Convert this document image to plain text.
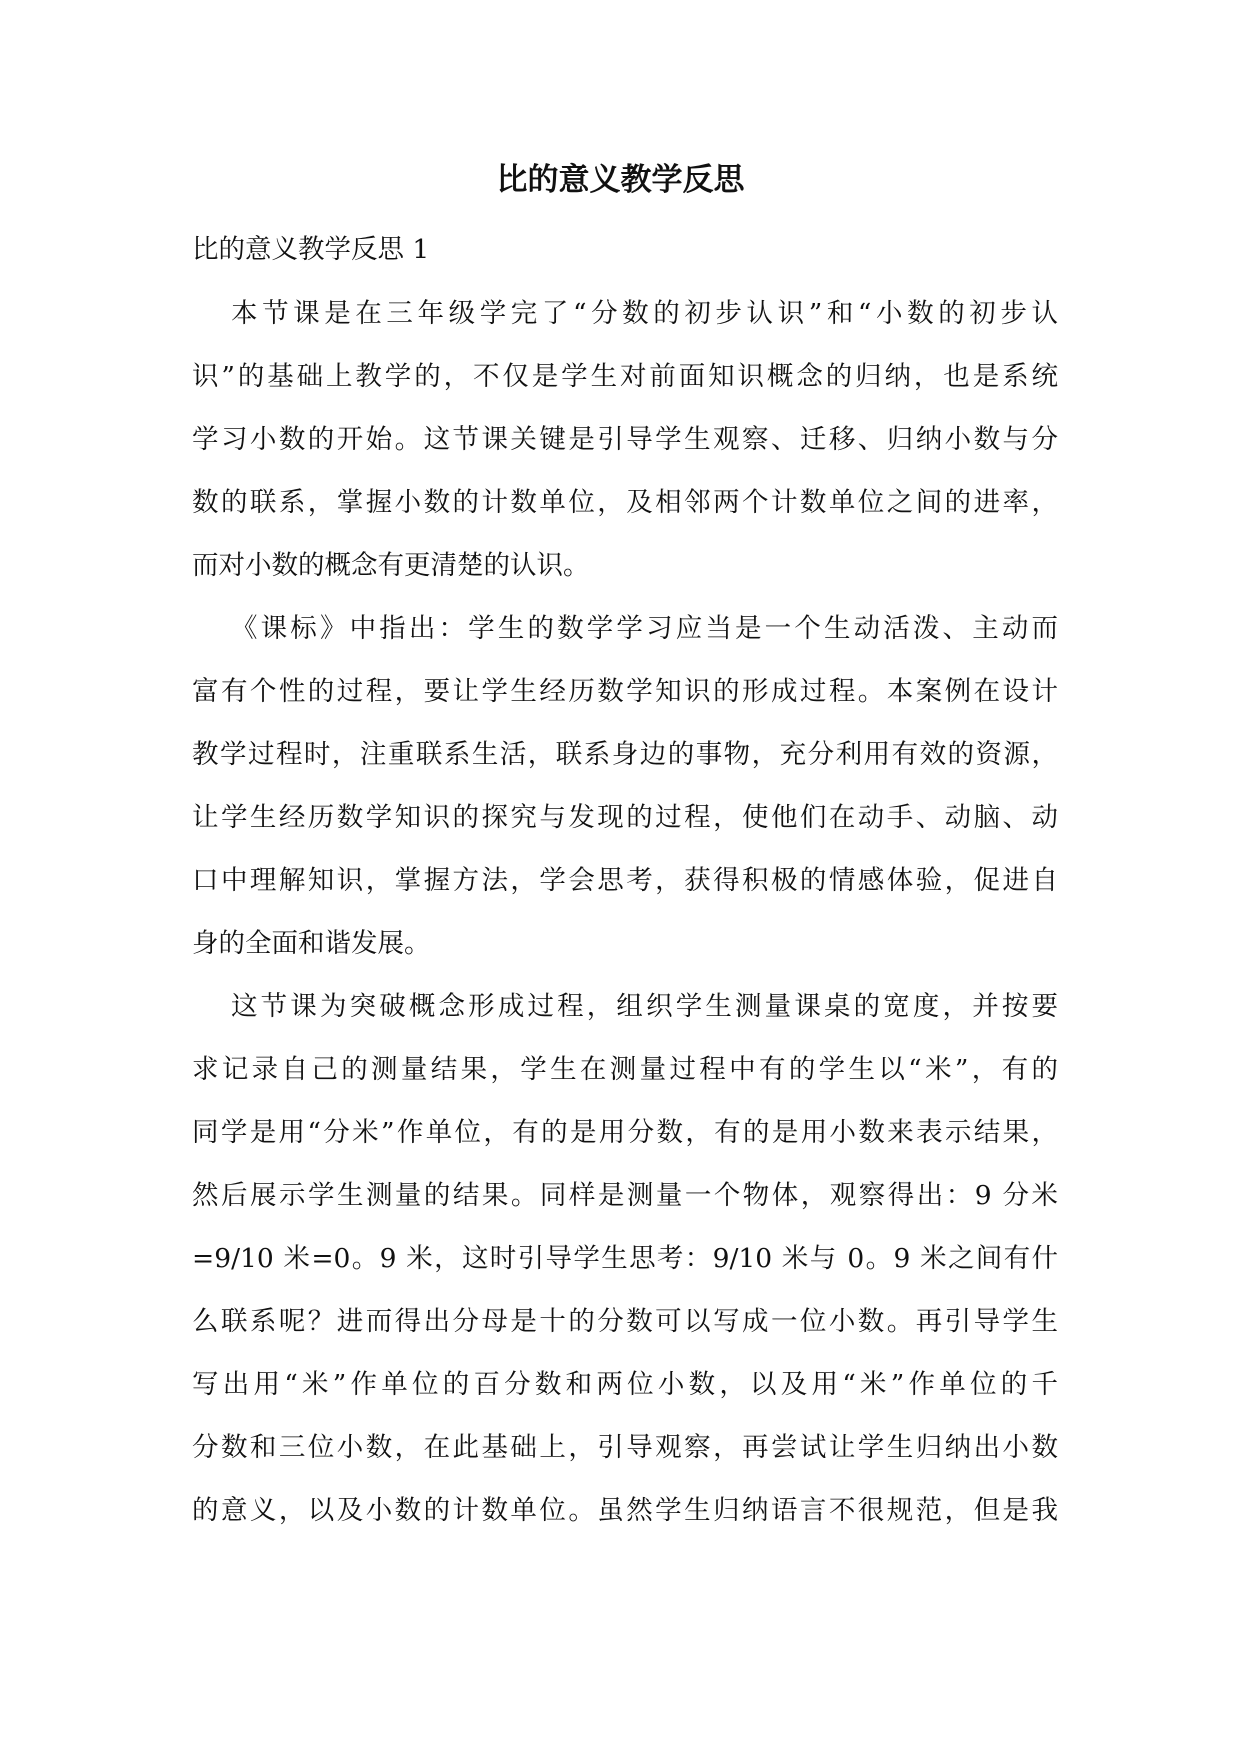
比的意义教学反思
比的意义教学反思 1
本节课是在三年级学完了“分数的初步认识”和“小数的初步认
识”的基础上教学的，不仅是学生对前面知识概念的归纳，也是系统
学习小数的开始。这节课关键是引导学生观察、迁移、归纳小数与分
数的联系，掌握小数的计数单位，及相邻两个计数单位之间的进率，
而对小数的概念有更清楚的认识。
《课标》中指出：学生的数学学习应当是一个生动活泼、主动而
富有个性的过程，要让学生经历数学知识的形成过程。本案例在设计
教学过程时，注重联系生活，联系身边的事物，充分利用有效的资源，
让学生经历数学知识的探究与发现的过程，使他们在动手、动脑、动
口中理解知识，掌握方法，学会思考，获得积极的情感体验，促进自
身的全面和谐发展。
这节课为突破概念形成过程，组织学生测量课桌的宽度，并按要
求记录自己的测量结果，学生在测量过程中有的学生以“米”，有的
同学是用“分米”作单位，有的是用分数，有的是用小数来表示结果，
然后展示学生测量的结果。同样是测量一个物体，观察得出：9 分米
=9/10 米=0。9 米，这时引导学生思考：9/10 米与 0。9 米之间有什
么联系呢？进而得出分母是十的分数可以写成一位小数。再引导学生
写出用“米”作单位的百分数和两位小数，以及用“米”作单位的千
分数和三位小数，在此基础上，引导观察，再尝试让学生归纳出小数
的意义，以及小数的计数单位。虽然学生归纳语言不很规范，但是我
